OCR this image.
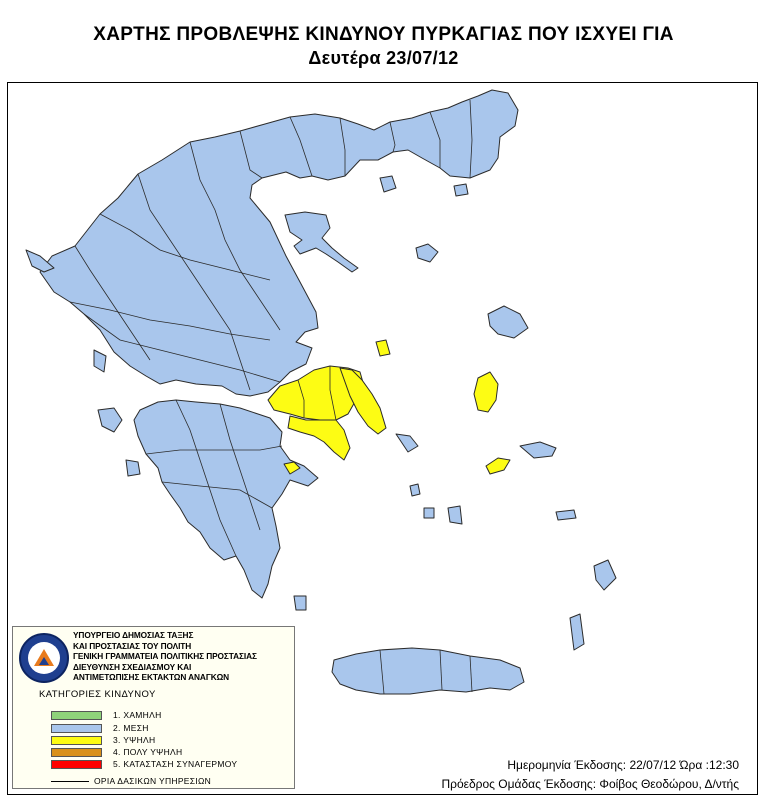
ΧΑΡΤΗΣ ΠΡΟΒΛΕΨΗΣ ΚΙΝΔΥΝΟΥ ΠΥΡΚΑΓΙΑΣ ΠΟΥ ΙΣΧΥΕΙ ΓΙΑ
Δευτέρα 23/07/12
ΥΠΟΥΡΓΕΙΟ ΔΗΜΟΣΙΑΣ ΤΑΞΗΣ
ΚΑΙ ΠΡΟΣΤΑΣΙΑΣ ΤΟΥ ΠΟΛΙΤΗ
ΓΕΝΙΚΗ ΓΡΑΜΜΑΤΕΙΑ ΠΟΛΙΤΙΚΗΣ ΠΡΟΣΤΑΣΙΑΣ
ΔΙΕΥΘΥΝΣΗ ΣΧΕΔΙΑΣΜΟΥ ΚΑΙ
ΑΝΤΙΜΕΤΩΠΙΣΗΣ ΕΚΤΑΚΤΩΝ ΑΝΑΓΚΩΝ
ΚΑΤΗΓΟΡΙΕΣ ΚΙΝΔΥΝΟΥ
1. ΧΑΜΗΛΗ
2. ΜΕΣΗ
3. ΥΨΗΛΗ
4. ΠΟΛΥ ΥΨΗΛΗ
5. ΚΑΤΑΣΤΑΣΗ ΣΥΝΑΓΕΡΜΟΥ
ΟΡΙΑ ΔΑΣΙΚΩΝ ΥΠΗΡΕΣΙΩΝ
Ημερομηνία Έκδοσης: 22/07/12 Ώρα :12:30
Πρόεδρος Ομάδας Έκδοσης: Φοίβος Θεοδώρου, Δ/ντής
